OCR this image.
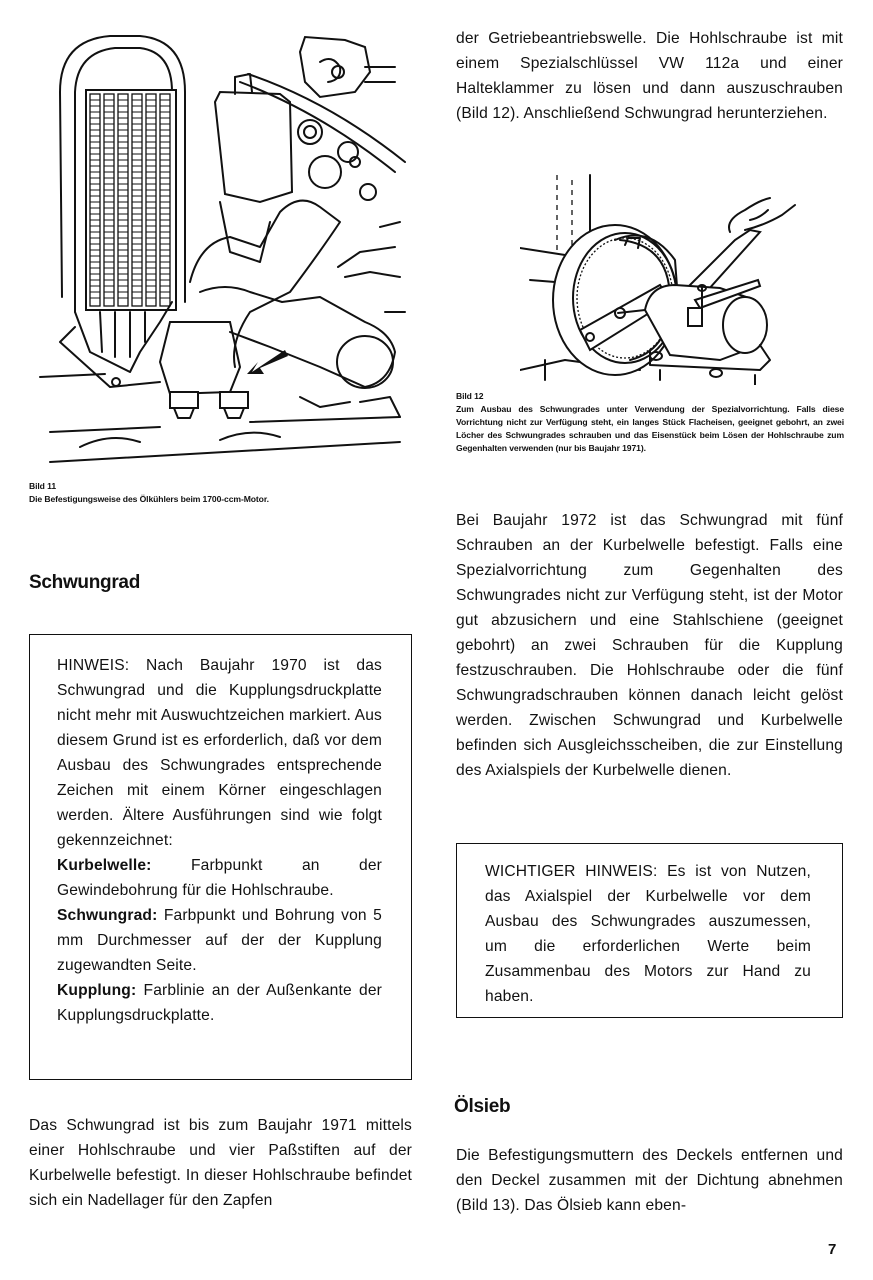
Bild 11
Die Befestigungsweise des Ölkühlers beim 1700-ccm-Motor.
der Getriebeantriebswelle. Die Hohlschraube ist mit einem Spezialschlüssel VW 112a und einer Halteklammer zu lösen und dann auszuschrauben (Bild 12). Anschließend Schwungrad herunterziehen.
Bild 12
Zum Ausbau des Schwungrades unter Verwendung der Spezialvorrichtung. Falls diese Vorrichtung nicht zur Verfügung steht, ein langes Stück Flacheisen, geeignet gebohrt, an zwei Löcher des Schwungrades schrauben und das Eisenstück beim Lösen der Hohlschraube zum Gegenhalten verwenden (nur bis Baujahr 1971).
Bei Baujahr 1972 ist das Schwungrad mit fünf Schrauben an der Kurbelwelle befestigt. Falls eine Spezialvorrichtung zum Gegenhalten des Schwungrades nicht zur Verfügung steht, ist der Motor gut abzusichern und eine Stahlschiene (geeignet gebohrt) an zwei Schrauben für die Kupplung festzuschrauben. Die Hohlschraube oder die fünf Schwungradschrauben können danach leicht gelöst werden. Zwischen Schwungrad und Kurbelwelle befinden sich Ausgleichsscheiben, die zur Einstellung des Axialspiels der Kurbelwelle dienen.
WICHTIGER HINWEIS: Es ist von Nutzen, das Axialspiel der Kurbelwelle vor dem Ausbau des Schwungrades auszumessen, um die erforderlichen Werte beim Zusammenbau des Motors zur Hand zu haben.
Ölsieb
Die Befestigungsmuttern des Deckels entfernen und den Deckel zusammen mit der Dichtung abnehmen (Bild 13). Das Ölsieb kann eben-
Schwungrad

HINWEIS: Nach Baujahr 1970 ist das Schwungrad und die Kupplungsdruckplatte nicht mehr mit Auswuchtzeichen markiert. Aus diesem Grund ist es erforderlich, daß vor dem Ausbau des Schwungrades entsprechende Zeichen mit einem Körner eingeschlagen werden. Ältere Ausführungen sind wie folgt gekennzeichnet:

Kurbelwelle: Farbpunkt an der Gewindebohrung für die Hohlschraube.

Schwungrad: Farbpunkt und Bohrung von 5 mm Durchmesser auf der der Kupplung zugewandten Seite.

Kupplung: Farblinie an der Außenkante der Kupplungsdruckplatte.

Das Schwungrad ist bis zum Baujahr 1971 mittels einer Hohlschraube und vier Paßstiften auf der Kurbelwelle befestigt. In dieser Hohlschraube befindet sich ein Nadellager für den Zapfen
7
